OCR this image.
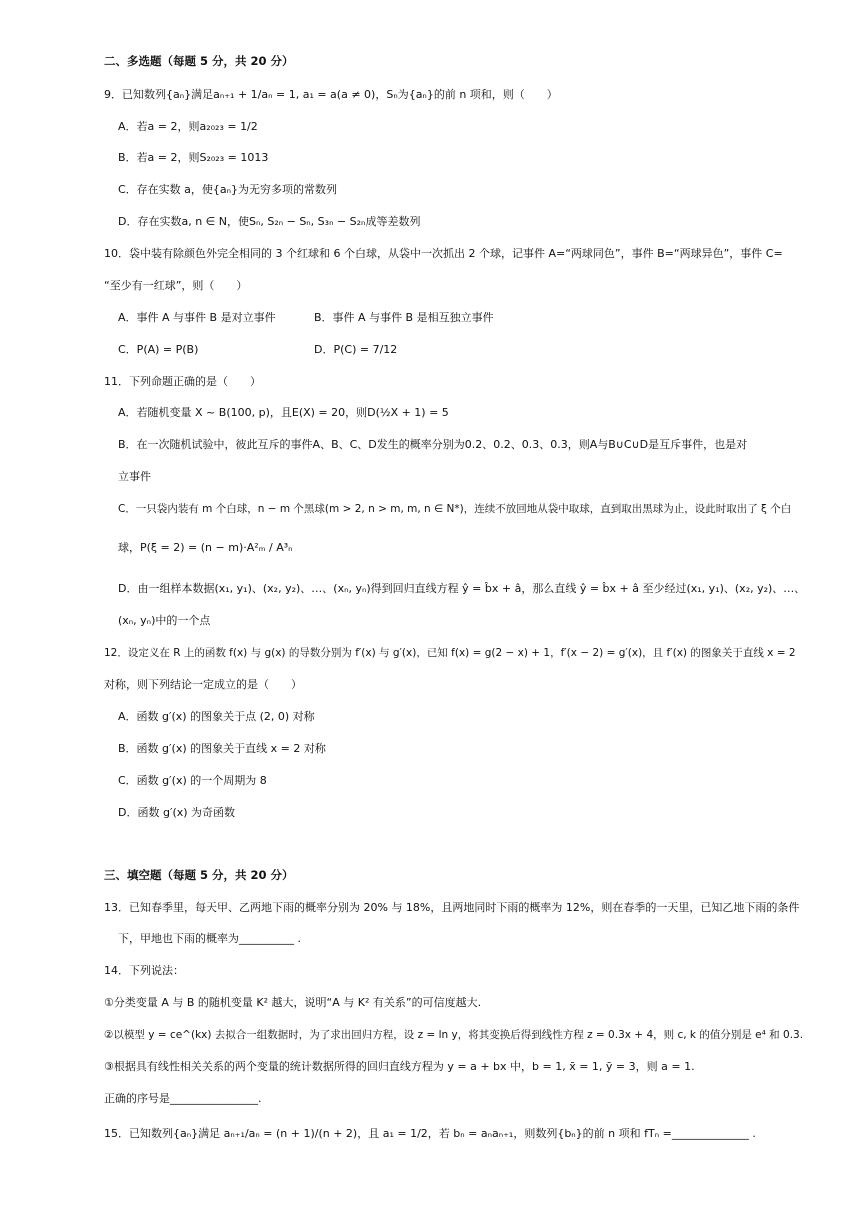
二、多选题（每题 5 分，共 20 分）
9．已知数列{aₙ}满足aₙ₊₁ + 1/aₙ = 1, a₁ = a(a ≠ 0)，Sₙ为{aₙ}的前 n 项和，则（　　）
A．若a = 2，则a₂₀₂₃ = 1/2
B．若a = 2，则S₂₀₂₃ = 1013
C．存在实数 a，使{aₙ}为无穷多项的常数列
D．存在实数a, n ∈ N，使Sₙ, S₂ₙ − Sₙ, S₃ₙ − S₂ₙ成等差数列
10．袋中装有除颜色外完全相同的 3 个红球和 6 个白球，从袋中一次抓出 2 个球，记事件 A=“两球同色”，事件 B=“两球异色”，事件 C=
“至少有一红球”，则（　　）
A．事件 A 与事件 B 是对立事件	B．事件 A 与事件 B 是相互独立事件
C．P(A) = P(B)	D．P(C) = 7/12
11．下列命题正确的是（　　）
A．若随机变量 X ~ B(100, p)，且E(X) = 20，则D(½X + 1) = 5
B．在一次随机试验中，彼此互斥的事件A、B、C、D发生的概率分别为0.2、0.2、0.3、0.3，则A与B∪C∪D是互斥事件，也是对
立事件
C．一只袋内装有 m 个白球，n − m 个黑球(m > 2, n > m, m, n ∈ N*)，连续不放回地从袋中取球，直到取出黑球为止，设此时取出了 ξ 个白
球，P(ξ = 2) = (n − m)·A²ₘ / A³ₙ
D．由一组样本数据(x₁, y₁)、(x₂, y₂)、…、(xₙ, yₙ)得到回归直线方程 ŷ = b̂x + â，那么直线 ŷ = b̂x + â 至少经过(x₁, y₁)、(x₂, y₂)、…、
(xₙ, yₙ)中的一个点
12．设定义在 R 上的函数 f(x) 与 g(x) 的导数分别为 f′(x) 与 g′(x)，已知 f(x) = g(2 − x) + 1，f′(x − 2) = g′(x)，且 f′(x) 的图象关于直线 x = 2
对称，则下列结论一定成立的是（　　）
A．函数 g′(x) 的图象关于点 (2, 0) 对称
B．函数 g′(x) 的图象关于直线 x = 2 对称
C．函数 g′(x) 的一个周期为 8
D．函数 g′(x) 为奇函数
三、填空题（每题 5 分，共 20 分）
13．已知春季里，每天甲、乙两地下雨的概率分别为 20% 与 18%，且两地同时下雨的概率为 12%，则在春季的一天里，已知乙地下雨的条件
下，甲地也下雨的概率为__________ .
14．下列说法：
①分类变量 A 与 B 的随机变量 K² 越大，说明“A 与 K² 有关系”的可信度越大.
②以模型 y = ce^(kx) 去拟合一组数据时，为了求出回归方程，设 z = ln y，将其变换后得到线性方程 z = 0.3x + 4，则 c, k 的值分别是 e⁴ 和 0.3.
③根据具有线性相关关系的两个变量的统计数据所得的回归直线方程为 y = a + bx 中，b = 1, x̄ = 1, ȳ = 3，则 a = 1.
正确的序号是________________.
15．已知数列{aₙ}满足 aₙ₊₁/aₙ = (n + 1)/(n + 2)，且 a₁ = 1/2，若 bₙ = aₙaₙ₊₁，则数列{bₙ}的前 n 项和 fTₙ =______________ .
